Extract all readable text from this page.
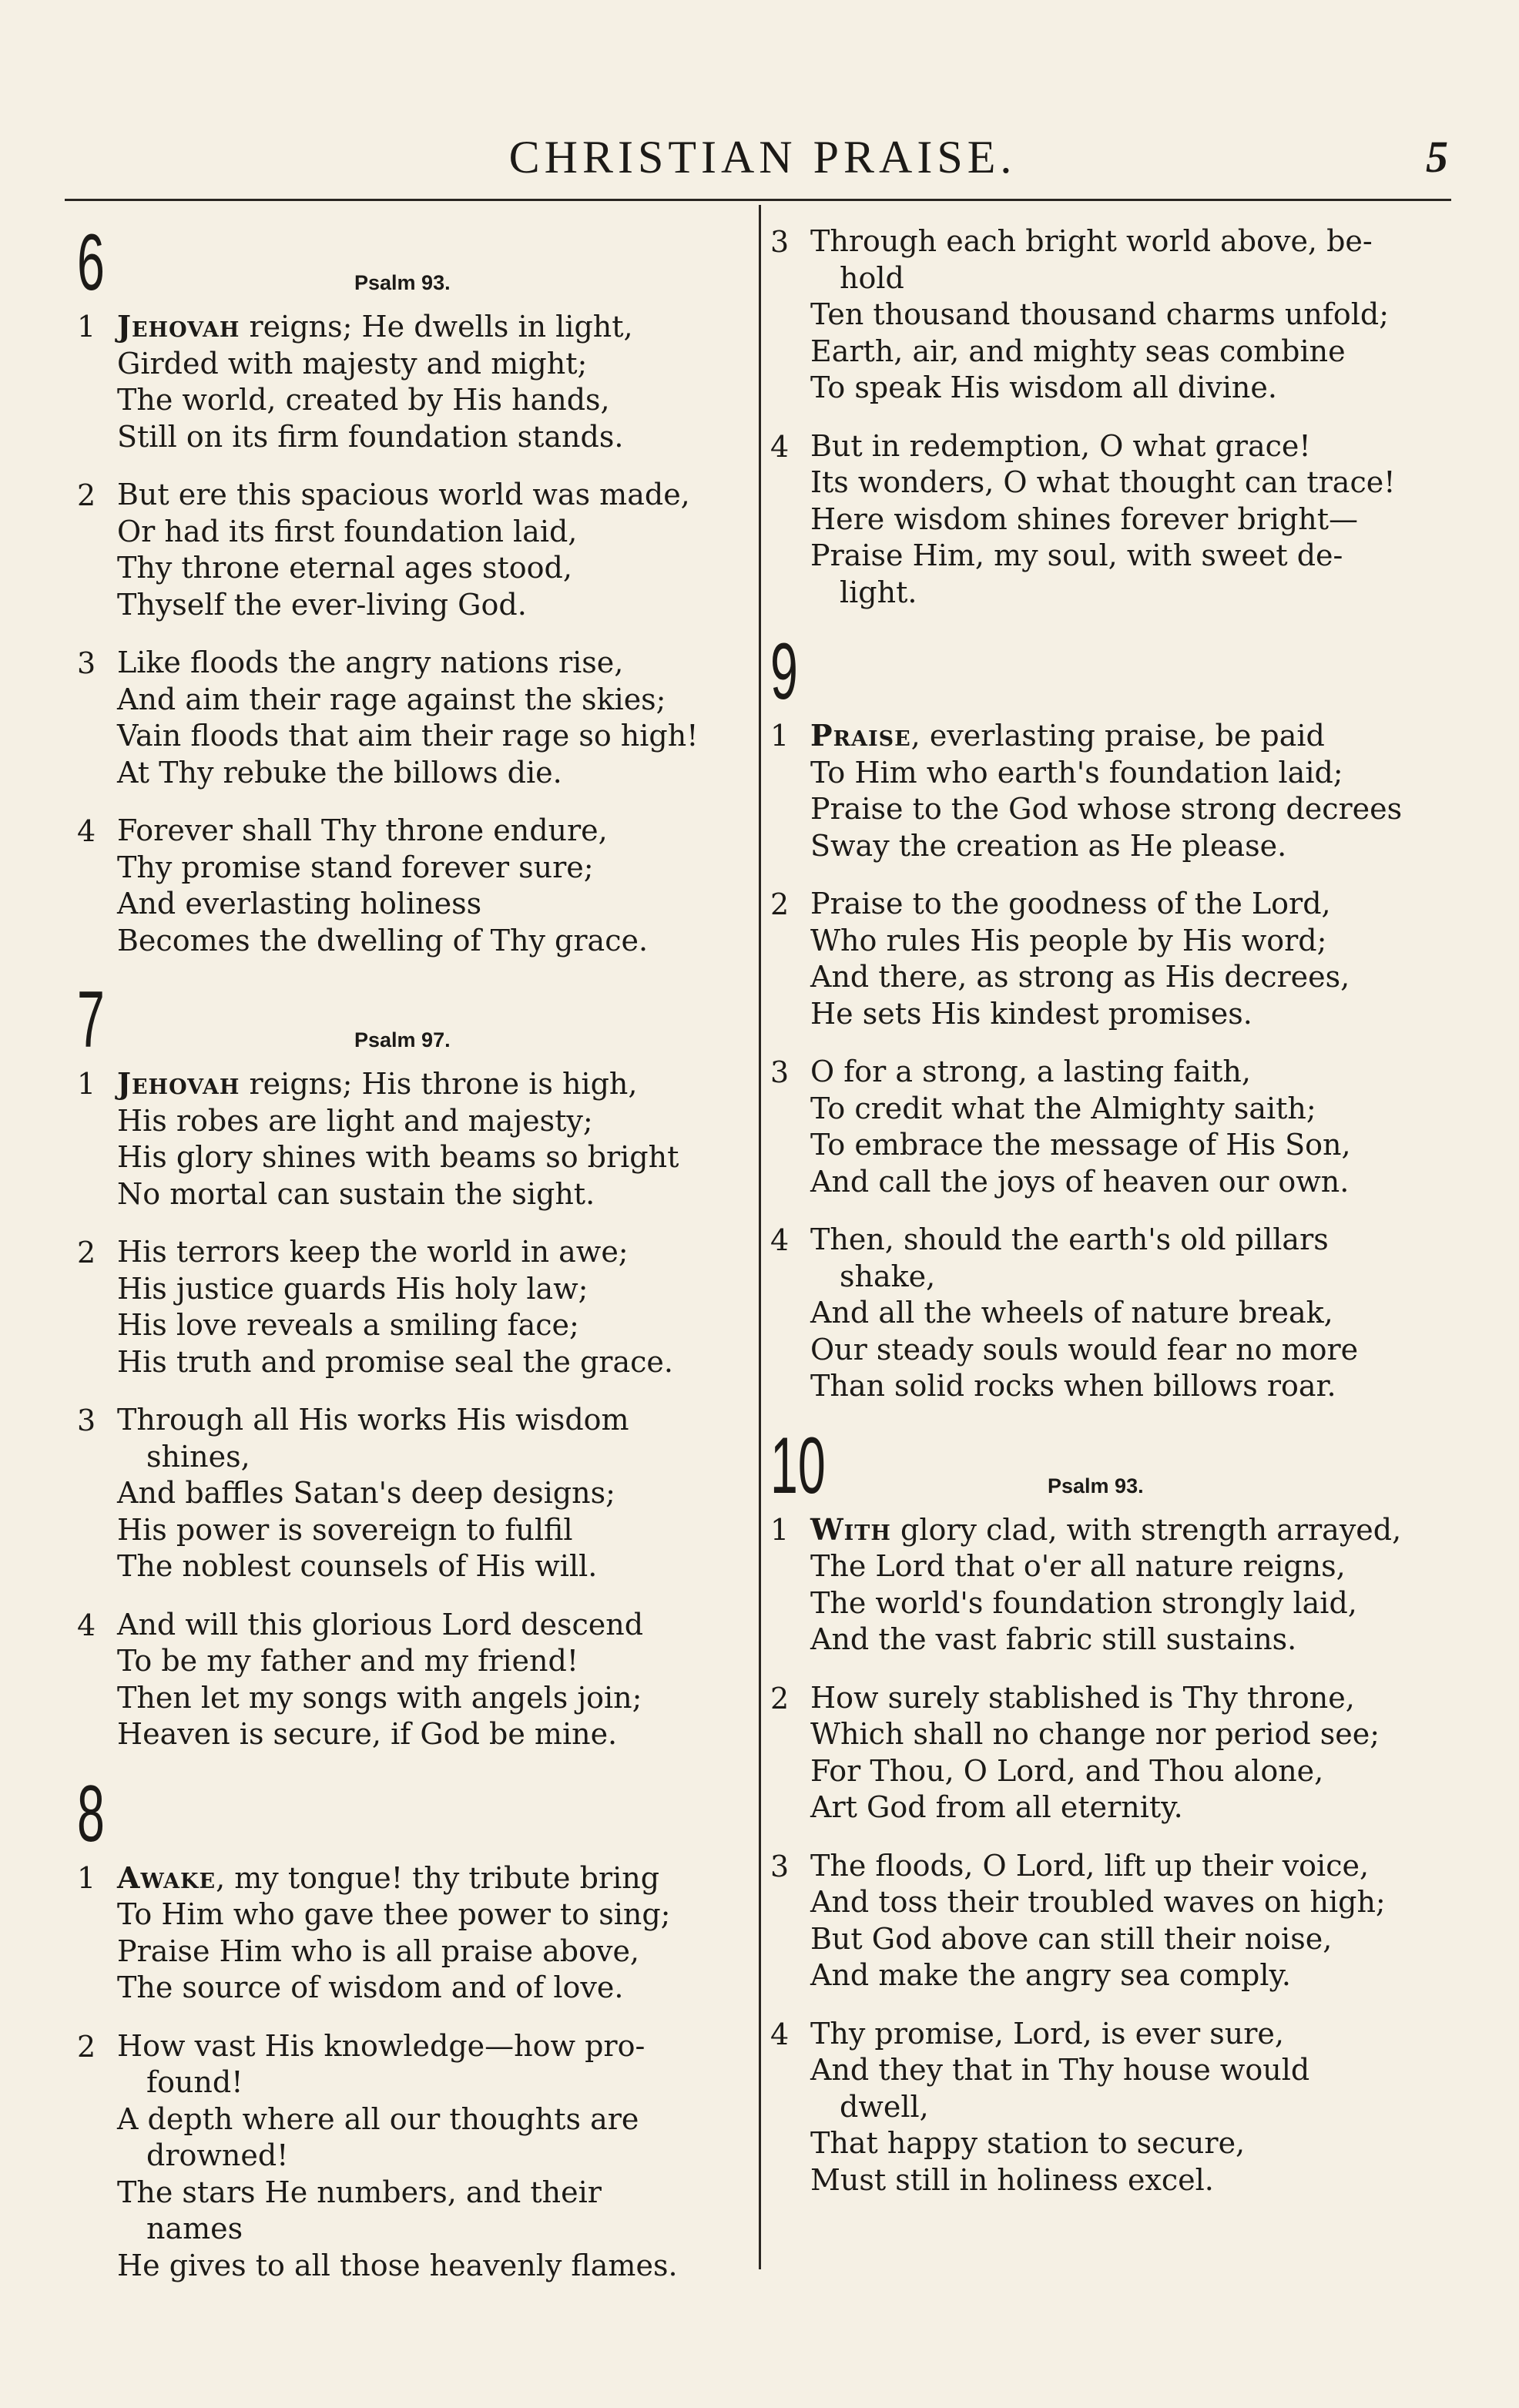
CHRISTIAN PRAISE.	5
6	Psalm 93.
1 Jehovah reigns; He dwells in light,
Girded with majesty and might;
The world, created by His hands,
Still on its firm foundation stands.
2 But ere this spacious world was made,
Or had its first foundation laid,
Thy throne eternal ages stood,
Thyself the ever-living God.
3 Like floods the angry nations rise,
And aim their rage against the skies;
Vain floods that aim their rage so high!
At Thy rebuke the billows die.
4 Forever shall Thy throne endure,
Thy promise stand forever sure;
And everlasting holiness
Becomes the dwelling of Thy grace.
7	Psalm 97.
1 Jehovah reigns; His throne is high,
His robes are light and majesty;
His glory shines with beams so bright
No mortal can sustain the sight.
2 His terrors keep the world in awe;
His justice guards His holy law;
His love reveals a smiling face;
His truth and promise seal the grace.
3 Through all His works His wisdom
shines,
And baffles Satan's deep designs;
His power is sovereign to fulfil
The noblest counsels of His will.
4 And will this glorious Lord descend
To be my father and my friend!
Then let my songs with angels join;
Heaven is secure, if God be mine.
8
1 Awake, my tongue! thy tribute bring
To Him who gave thee power to sing;
Praise Him who is all praise above,
The source of wisdom and of love.
2 How vast His knowledge—how pro-
found!
A depth where all our thoughts are
drowned!
The stars He numbers, and their
names
He gives to all those heavenly flames.
3 Through each bright world above, be-
hold
Ten thousand thousand charms unfold;
Earth, air, and mighty seas combine
To speak His wisdom all divine.
4 But in redemption, O what grace!
Its wonders, O what thought can trace!
Here wisdom shines forever bright—
Praise Him, my soul, with sweet de-
light.
9
1 Praise, everlasting praise, be paid
To Him who earth's foundation laid;
Praise to the God whose strong decrees
Sway the creation as He please.
2 Praise to the goodness of the Lord,
Who rules His people by His word;
And there, as strong as His decrees,
He sets His kindest promises.
3 O for a strong, a lasting faith,
To credit what the Almighty saith;
To embrace the message of His Son,
And call the joys of heaven our own.
4 Then, should the earth's old pillars
shake,
And all the wheels of nature break,
Our steady souls would fear no more
Than solid rocks when billows roar.
10	Psalm 93.
1 With glory clad, with strength arrayed,
The Lord that o'er all nature reigns,
The world's foundation strongly laid,
And the vast fabric still sustains.
2 How surely stablished is Thy throne,
Which shall no change nor period see;
For Thou, O Lord, and Thou alone,
Art God from all eternity.
3 The floods, O Lord, lift up their voice,
And toss their troubled waves on high;
But God above can still their noise,
And make the angry sea comply.
4 Thy promise, Lord, is ever sure,
And they that in Thy house would
dwell,
That happy station to secure,
Must still in holiness excel.
